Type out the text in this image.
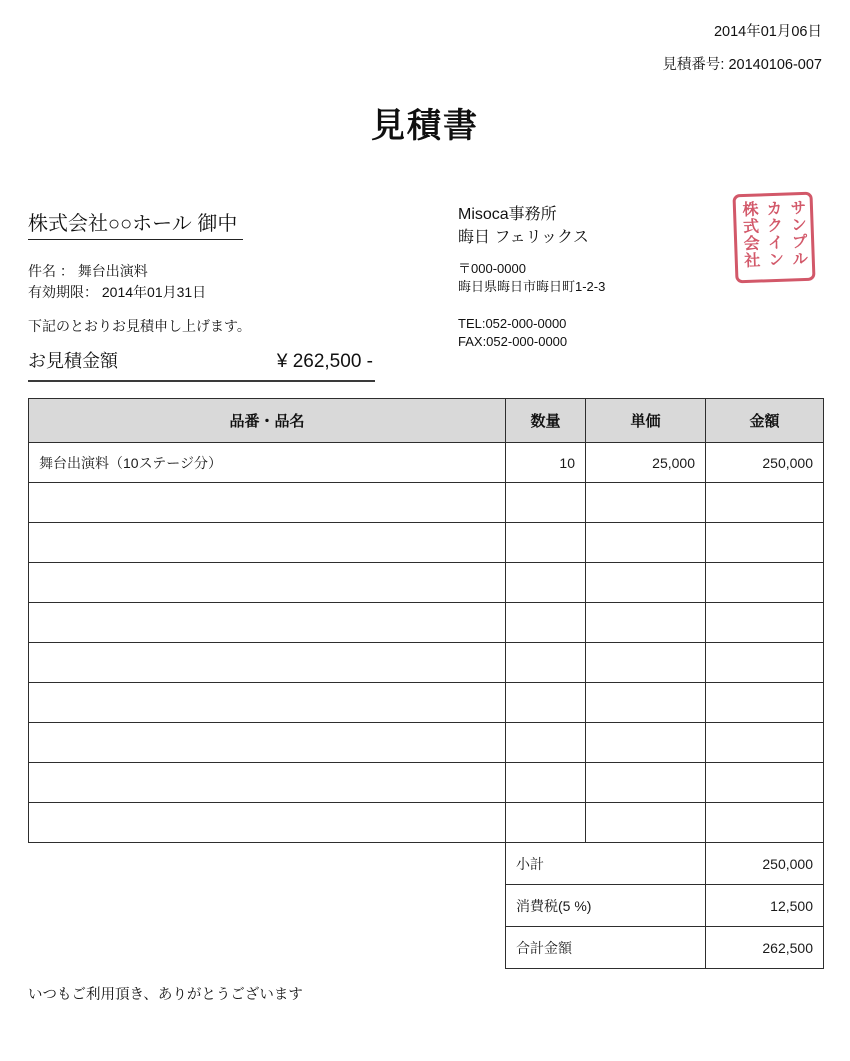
2014年01月06日
見積番号: 20140106-007
見積書
株式会社○○ホール 御中
件名 ： 舞台出演料
有効期限： 2014年01月31日
下記のとおりお見積申し上げます。
お見積金額	¥ 262,500 -
Misoca事務所
晦日 フェリックス
〒000-0000
晦日県晦日市晦日町1-2-3
TEL:052-000-0000
FAX:052-000-0000
サンプル
カクイン
株式会社
品番・品名	数量	単価	金額
舞台出演料（10ステージ分）	10	25,000	250,000

小計	250,000
消費税(5 %)	12,500
合計金額	262,500
いつもご利用頂き、ありがとうございます
